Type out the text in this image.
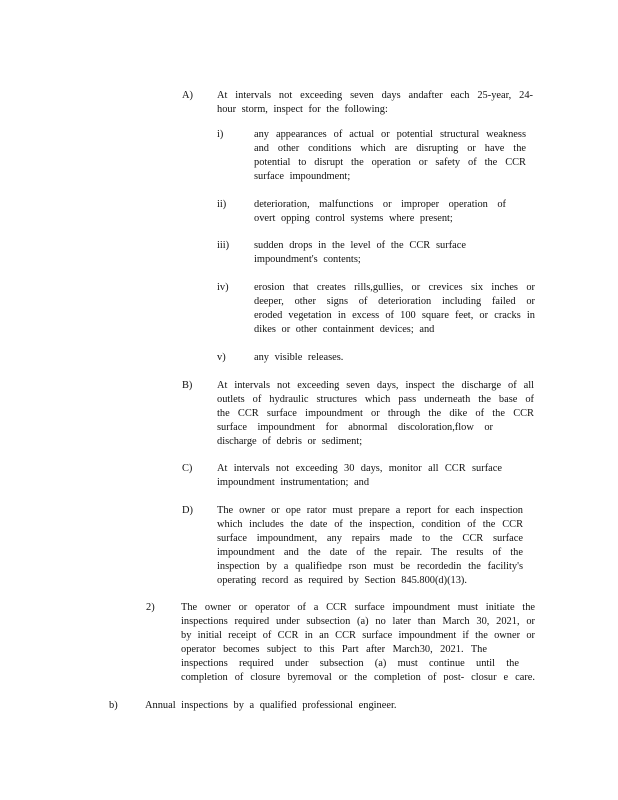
A) At intervals not exceeding seven days andafter each 25-year, 24-
hour storm, inspect for the following:
i)	any appearances of actual or potential structural weakness
and other conditions which are disrupting or have the
potential to disrupt the operation or safety of the CCR
surface impoundment;
ii)	deterioration, malfunctions or improper operation of
overt opping control systems where present;
iii) sudden drops in the level of the CCR surface
impoundment's contents;
iv) erosion that creates rills,gullies, or crevices six inches or
deeper, other signs of deterioration including failed or
eroded vegetation in excess of 100 square feet, or cracks in
dikes or other containment devices; and
v)	any visible releases.
B) At intervals not exceeding seven days, inspect the discharge of all
outlets of hydraulic structures which pass underneath the base of
the CCR surface impoundment or through the dike of the CCR
surface impoundment for abnormal discoloration,flow or
discharge of debris or sediment;
C) At intervals not exceeding 30 days, monitor all CCR surface
impoundment instrumentation; and
D) The owner or ope rator must prepare a report for each inspection
which includes the date of the inspection, condition of the CCR
surface impoundment, any repairs made to the CCR surface
impoundment and the date of the repair. The results of the
inspection by a qualifiedpe rson must be recordedin the facility's
operating record as required by Section 845.800(d)(13).
2)	The owner or operator of a CCR surface impoundment must initiate the
inspections required under subsection (a) no later than March 30, 2021, or
by initial receipt of CCR in an CCR surface impoundment if the owner or
operator becomes subject to this Part after March30, 2021. The
inspections required under subsection (a) must continue until the
completion of closure byremoval or the completion of post- closur e care.
b)	Annual inspections by a qualified professional engineer.
